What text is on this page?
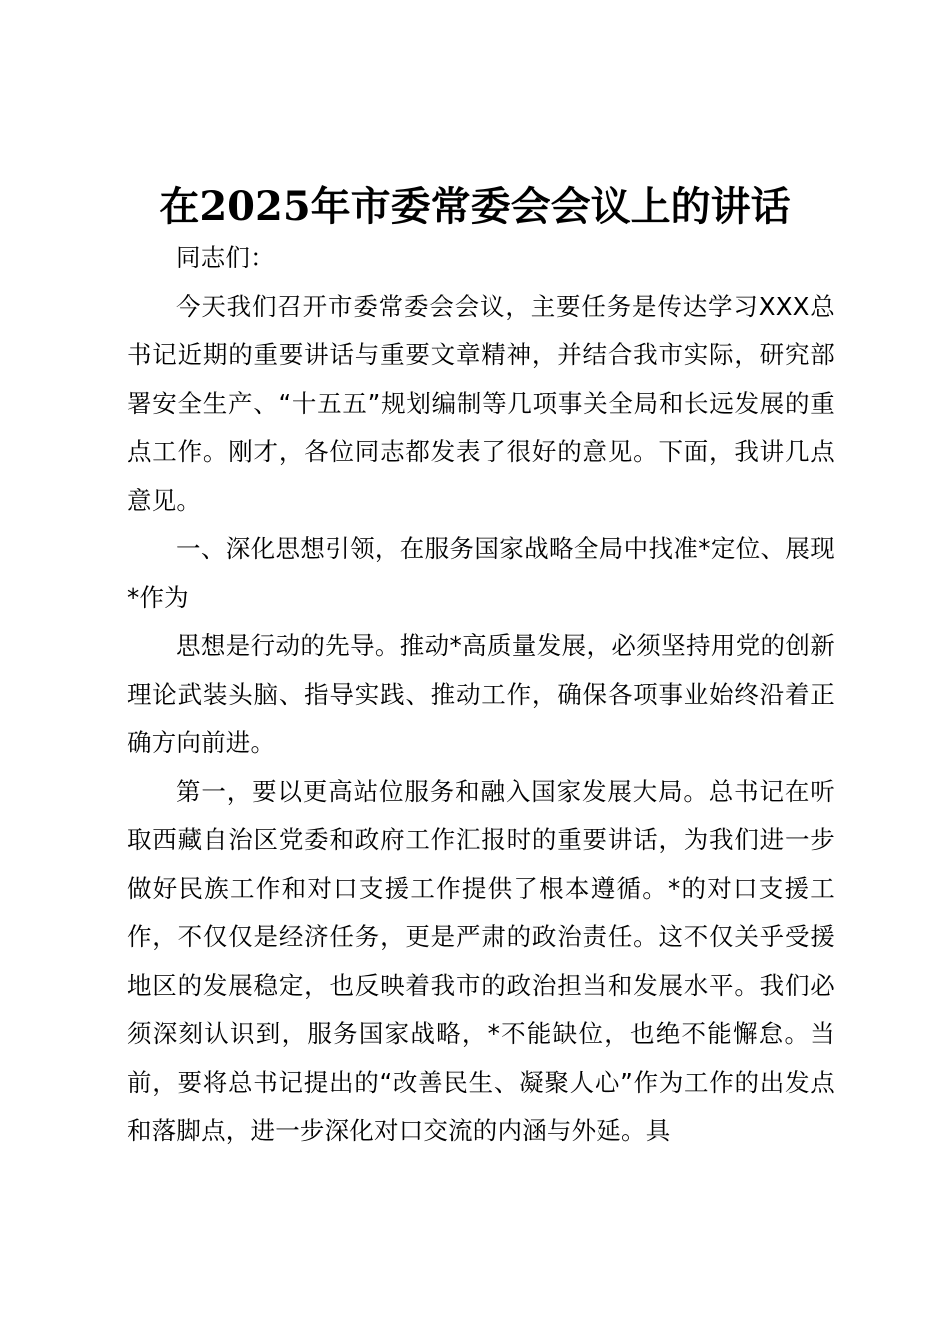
在2025年市委常委会会议上的讲话

同志们：

今天我们召开市委常委会会议，主要任务是传达学习XXX总书记近期的重要讲话与重要文章精神，并结合我市实际，研究部署安全生产、“十五五”规划编制等几项事关全局和长远发展的重点工作。刚才，各位同志都发表了很好的意见。下面，我讲几点意见。

一、深化思想引领，在服务国家战略全局中找准*定位、展现*作为

思想是行动的先导。推动*高质量发展，必须坚持用党的创新理论武装头脑、指导实践、推动工作，确保各项事业始终沿着正确方向前进。

第一，要以更高站位服务和融入国家发展大局。总书记在听取西藏自治区党委和政府工作汇报时的重要讲话，为我们进一步做好民族工作和对口支援工作提供了根本遵循。*的对口支援工作，不仅仅是经济任务，更是严肃的政治责任。这不仅关乎受援地区的发展稳定，也反映着我市的政治担当和发展水平。我们必须深刻认识到，服务国家战略，*不能缺位，也绝不能懈怠。当前，要将总书记提出的“改善民生、凝聚人心”作为工作的出发点和落脚点，进一步深化对口交流的内涵与外延。具
